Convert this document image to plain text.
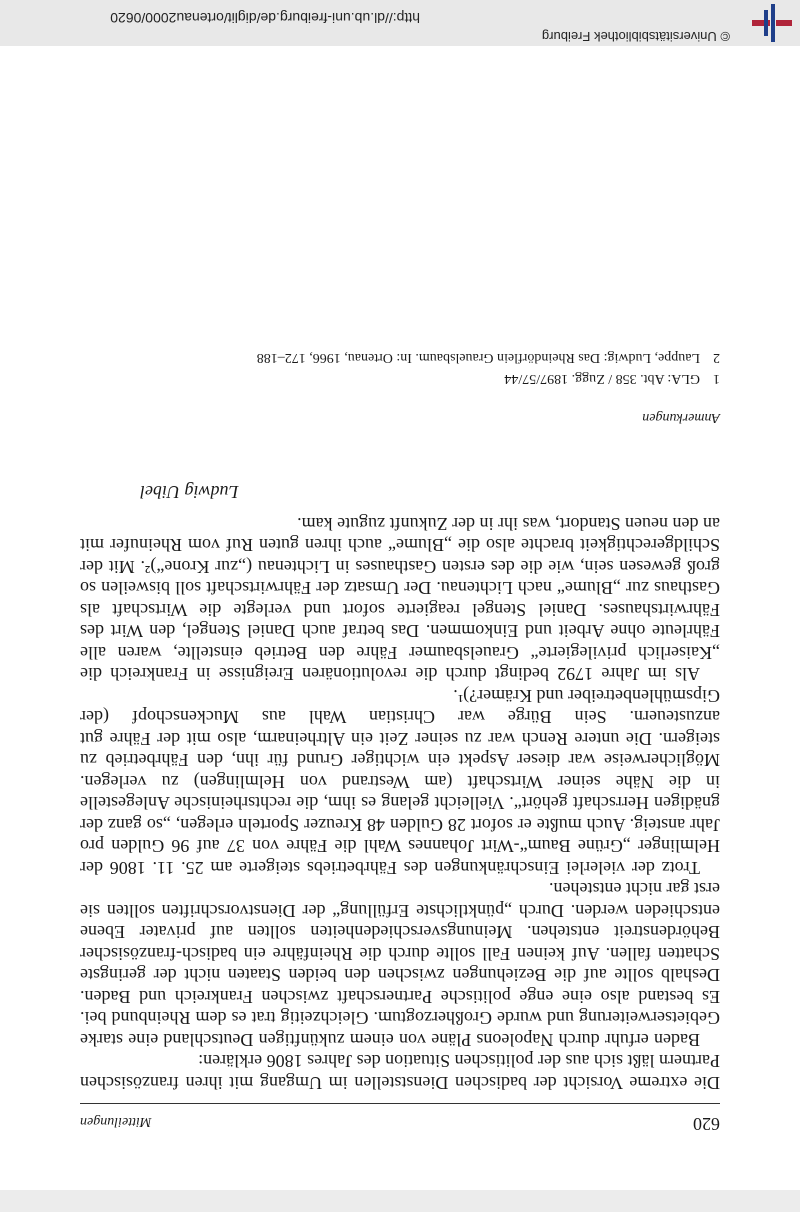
© Universitätsbibliothek Freiburg
http://dl.ub.uni-freiburg.de/diglit/ortenau2000/0620
620
Mitteilungen

Die extreme Vorsicht der badischen Dienststellen im Umgang mit ihren französischen Partnern läßt sich aus der politischen Situation des Jahres 1806 erklären:

Baden erfuhr durch Napoleons Pläne von einem zukünftigen Deutschland eine starke Gebietserweiterung und wurde Großherzogtum. Gleichzeitig trat es dem Rheinbund bei. Es bestand also eine enge politische Partnerschaft zwischen Frankreich und Baden. Deshalb sollte auf die Beziehungen zwischen den beiden Staaten nicht der geringste Schatten fallen. Auf keinen Fall sollte durch die Rheinfähre ein badisch-französischer Behördenstreit entstehen. Meinungsverschiedenheiten sollten auf privater Ebene entschieden werden. Durch „pünktlichste Erfüllung“ der Dienstvorschriften sollten sie erst gar nicht entstehen.

Trotz der vielerlei Einschränkungen des Fährbetriebs steigerte am 25. 11. 1806 der Helmlinger „Grüne Baum“-Wirt Johannes Wahl die Fähre von 37 auf 96 Gulden pro Jahr ansteig. Auch mußte er sofort 28 Gulden 48 Kreuzer Sporteln erlegen, „so ganz der gnädigen Herrschaft gehört“. Vielleicht gelang es ihm, die rechtsrheinische Anlegestelle in die Nähe seiner Wirtschaft (am Westrand von Helmlingen) zu verlegen. Möglicherweise war dieser Aspekt ein wichtiger Grund für ihn, den Fährbetrieb zu steigern. Die untere Rench war zu seiner Zeit ein Altrheinarm, also mit der Fähre gut anzusteuern. Sein Bürge war Christian Wahl aus Muckenschopf (der Gipsmühlenbetreiber und Krämer?)¹.

Als im Jahre 1792 bedingt durch die revolutionären Ereignisse in Frankreich die „Kaiserlich privilegierte“ Grauelsbaumer Fähre den Betrieb einstellte, waren alle Fährleute ohne Arbeit und Einkommen. Das betraf auch Daniel Stengel, den Wirt des Fährwirtshauses. Daniel Stengel reagierte sofort und verlegte die Wirtschaft als Gasthaus zur „Blume“ nach Lichtenau. Der Umsatz der Fährwirtschaft soll bisweilen so groß gewesen sein, wie die des ersten Gasthauses in Lichtenau („zur Krone“)². Mit der Schildgerechtigkeit brachte also die „Blume“ auch ihren guten Ruf vom Rheinufer mit an den neuen Standort, was ihr in der Zukunft zugute kam.

Ludwig Uibel
Anmerkungen
1
GLA: Abt. 358 / Zugg. 1897/57/44
2
Lauppe, Ludwig: Das Rheindörflein Grauelsbaum. In: Ortenau, 1966, 172–188
